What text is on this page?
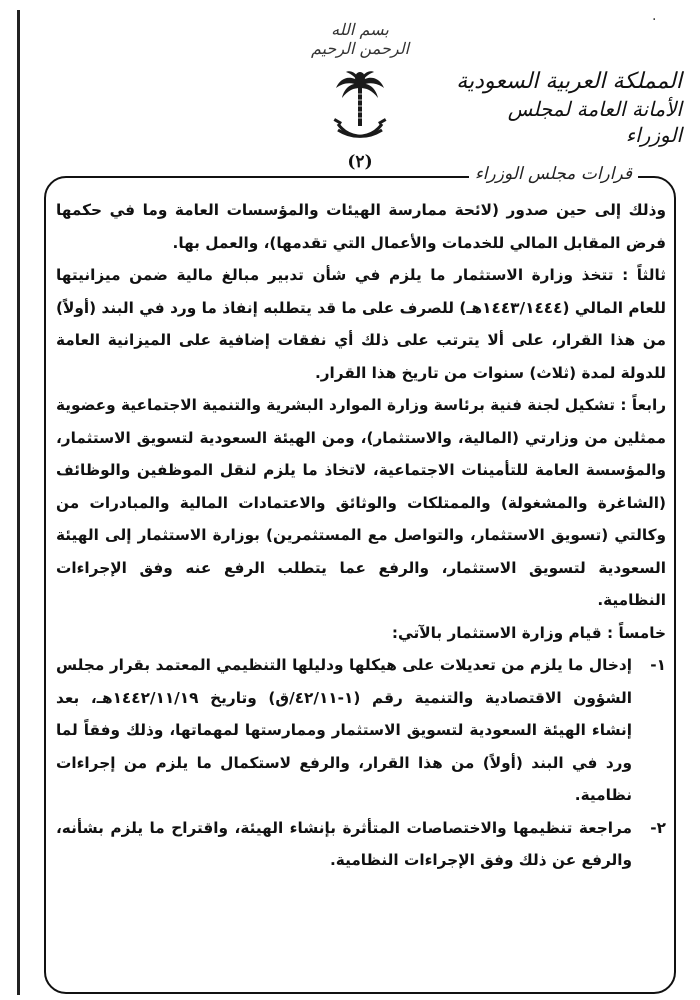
·
بسم الله الرحمن الرحيم
(٢)
المملكة العربية السعودية
الأمانة العامة لمجلس الوزراء
قرارات مجلس الوزراء

وذلك إلى حين صدور (لائحة ممارسة الهيئات والمؤسسات العامة وما في حكمها فرض المقابل المالي للخدمات والأعمال التي تقدمها)، والعمل بها.

ثالثاً : تتخذ وزارة الاستثمار ما يلزم في شأن تدبير مبالغ مالية ضمن ميزانيتها للعام المالي (١٤٤٣/١٤٤٤هـ) للصرف على ما قد يتطلبه إنفاذ ما ورد في البند (أولاً) من هذا القرار، على ألا يترتب على ذلك أي نفقات إضافية على الميزانية العامة للدولة لمدة (ثلاث) سنوات من تاريخ هذا القرار.

رابعاً : تشكيل لجنة فنية برئاسة وزارة الموارد البشرية والتنمية الاجتماعية وعضوية ممثلين من وزارتي (المالية، والاستثمار)، ومن الهيئة السعودية لتسويق الاستثمار، والمؤسسة العامة للتأمينات الاجتماعية، لاتخاذ ما يلزم لنقل الموظفين والوظائف (الشاغرة والمشغولة) والممتلكات والوثائق والاعتمادات المالية والمبادرات من وكالتي (تسويق الاستثمار، والتواصل مع المستثمرين) بوزارة الاستثمار إلى الهيئة السعودية لتسويق الاستثمار، والرفع عما يتطلب الرفع عنه وفق الإجراءات النظامية.

خامساً : قيام وزارة الاستثمار بالآتي:

١-
إدخال ما يلزم من تعديلات على هيكلها ودليلها التنظيمي المعتمد بقرار مجلس الشؤون الاقتصادية والتنمية رقم (١-٤٢/١١/ق) وتاريخ ١٤٤٢/١١/١٩هـ، بعد إنشاء الهيئة السعودية لتسويق الاستثمار وممارستها لمهماتها، وذلك وفقاً لما ورد في البند (أولاً) من هذا القرار، والرفع لاستكمال ما يلزم من إجراءات نظامية.
٢-
مراجعة تنظيمها والاختصاصات المتأثرة بإنشاء الهيئة، واقتراح ما يلزم بشأنه، والرفع عن ذلك وفق الإجراءات النظامية.
